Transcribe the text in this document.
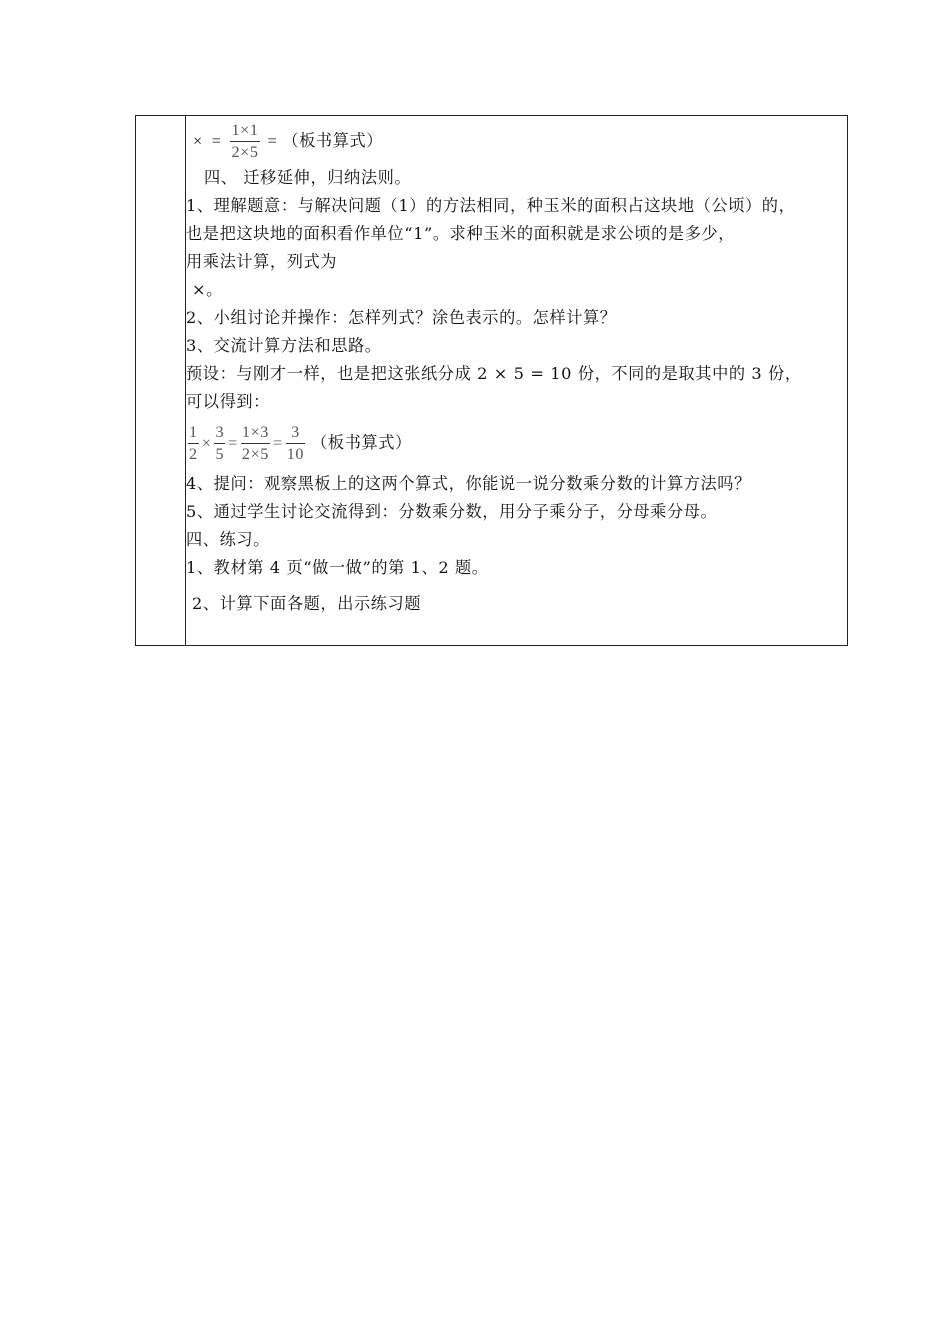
× = $\frac{1\times 1}{2\times 5}$ = （板书算式）
四、 迁移延伸，归纳法则。
1、理解题意：与解决问题（1）的方法相同，种玉米的面积占这块地（公顷）的，
也是把这块地的面积看作单位“1”。求种玉米的面积就是求公顷的是多少，
用乘法计算，列式为
×。
2、小组讨论并操作：怎样列式？涂色表示的。怎样计算？
3、交流计算方法和思路。
预设：与刚才一样，也是把这张纸分成 2 × 5 = 10 份，不同的是取其中的 3 份，
可以得到：
$\frac{1}{2} \times \frac{3}{5} = \frac{1\times 3}{2\times 5} = \frac{3}{10}$ （板书算式）
4、提问：观察黑板上的这两个算式，你能说一说分数乘分数的计算方法吗？
5、通过学生讨论交流得到：分数乘分数，用分子乘分子，分母乘分母。
四、练习。
1、教材第 4 页“做一做”的第 1、2 题。
2、计算下面各题，出示练习题
